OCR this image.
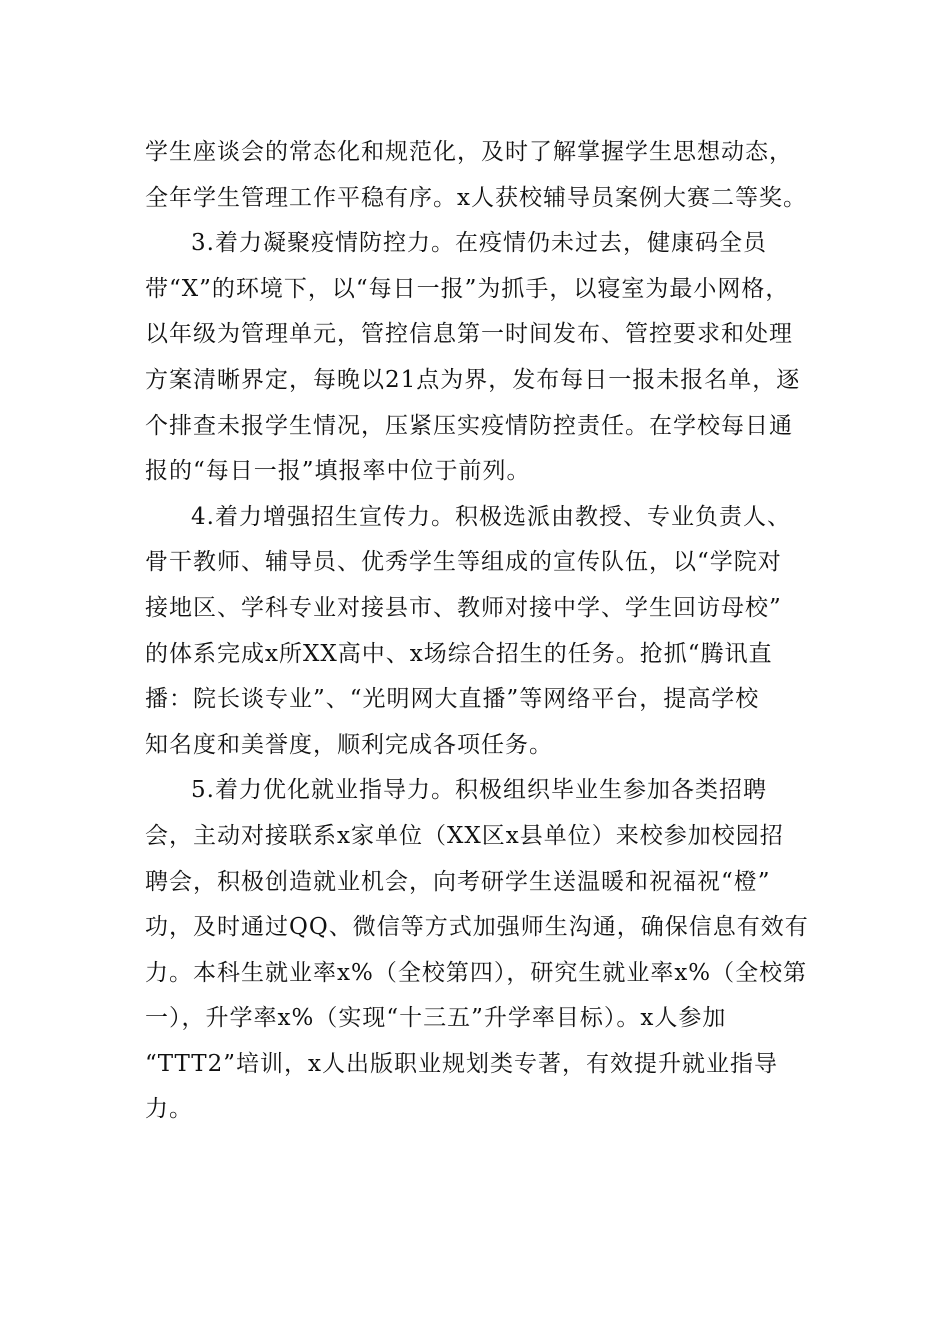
学生座谈会的常态化和规范化，及时了解掌握学生思想动态，
全年学生管理工作平稳有序。x人获校辅导员案例大赛二等奖。
3.着力凝聚疫情防控力。在疫情仍未过去，健康码全员
带“X”的环境下，以“每日一报”为抓手，以寝室为最小网格，
以年级为管理单元，管控信息第一时间发布、管控要求和处理
方案清晰界定，每晚以21点为界，发布每日一报未报名单，逐
个排查未报学生情况，压紧压实疫情防控责任。在学校每日通
报的“每日一报”填报率中位于前列。
4.着力增强招生宣传力。积极选派由教授、专业负责人、
骨干教师、辅导员、优秀学生等组成的宣传队伍，以“学院对
接地区、学科专业对接县市、教师对接中学、学生回访母校”
的体系完成x所XX高中、x场综合招生的任务。抢抓“腾讯直
播：院长谈专业”、“光明网大直播”等网络平台，提高学校
知名度和美誉度，顺利完成各项任务。
5.着力优化就业指导力。积极组织毕业生参加各类招聘
会，主动对接联系x家单位（XX区x县单位）来校参加校园招
聘会，积极创造就业机会，向考研学生送温暖和祝福祝“橙”
功，及时通过QQ、微信等方式加强师生沟通，确保信息有效有
力。本科生就业率x%（全校第四），研究生就业率x%（全校第
一），升学率x%（实现“十三五”升学率目标）。x人参加
“TTT2”培训，x人出版职业规划类专著，有效提升就业指导
力。
